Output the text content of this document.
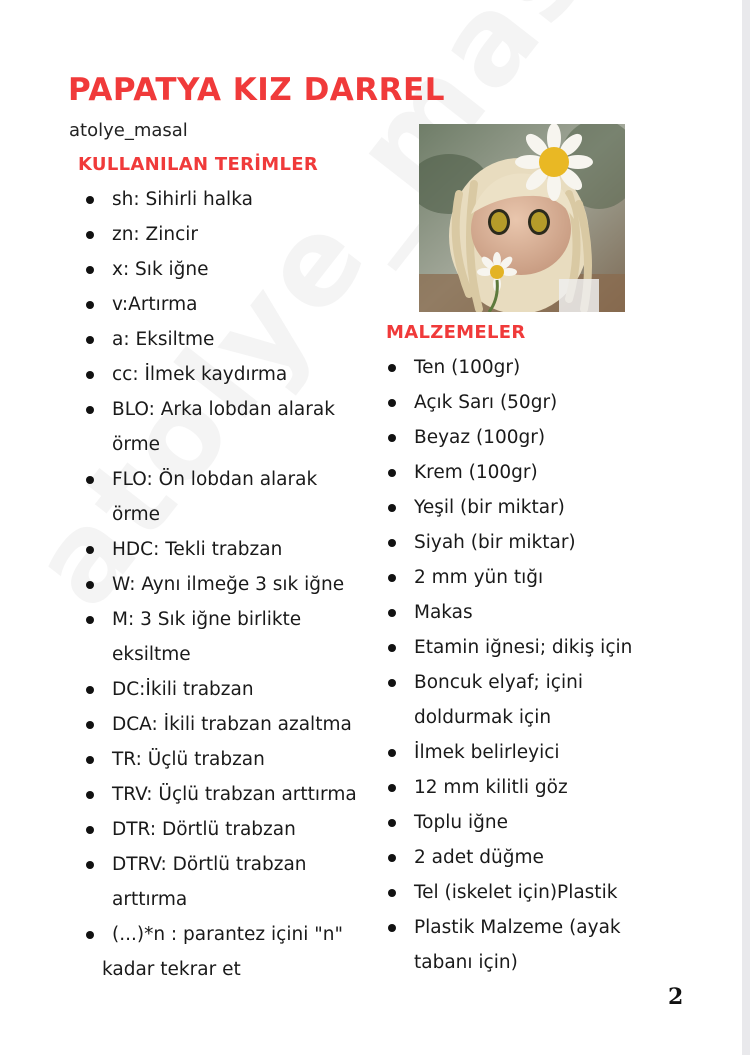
PAPATYA KIZ DARREL
atolye_masal
KULLANILAN TERİMLER
sh: Sihirli halka
zn: Zincir
x: Sık iğne
v:Artırma
a: Eksiltme
cc: İlmek kaydırma
BLO: Arka lobdan alarak
örme
FLO: Ön lobdan alarak
örme
HDC: Tekli trabzan
W: Aynı ilmeğe 3 sık iğne
M: 3 Sık iğne birlikte
eksiltme
DC:İkili trabzan
DCA: İkili trabzan azaltma
TR: Üçlü trabzan
TRV: Üçlü trabzan arttırma
DTR: Dörtlü trabzan
DTRV: Dörtlü trabzan
arttırma
(...)*n : parantez içini "n"
kadar tekrar et
MALZEMELER
Ten (100gr)
Açık Sarı (50gr)
Beyaz (100gr)
Krem (100gr)
Yeşil (bir miktar)
Siyah (bir miktar)
2 mm yün tığı
Makas
Etamin iğnesi; dikiş için
Boncuk elyaf; içini
doldurmak için
İlmek belirleyici
12 mm kilitli göz
Toplu iğne
2 adet düğme
Tel (iskelet için)Plastik
Plastik Malzeme (ayak
tabanı için)
2
